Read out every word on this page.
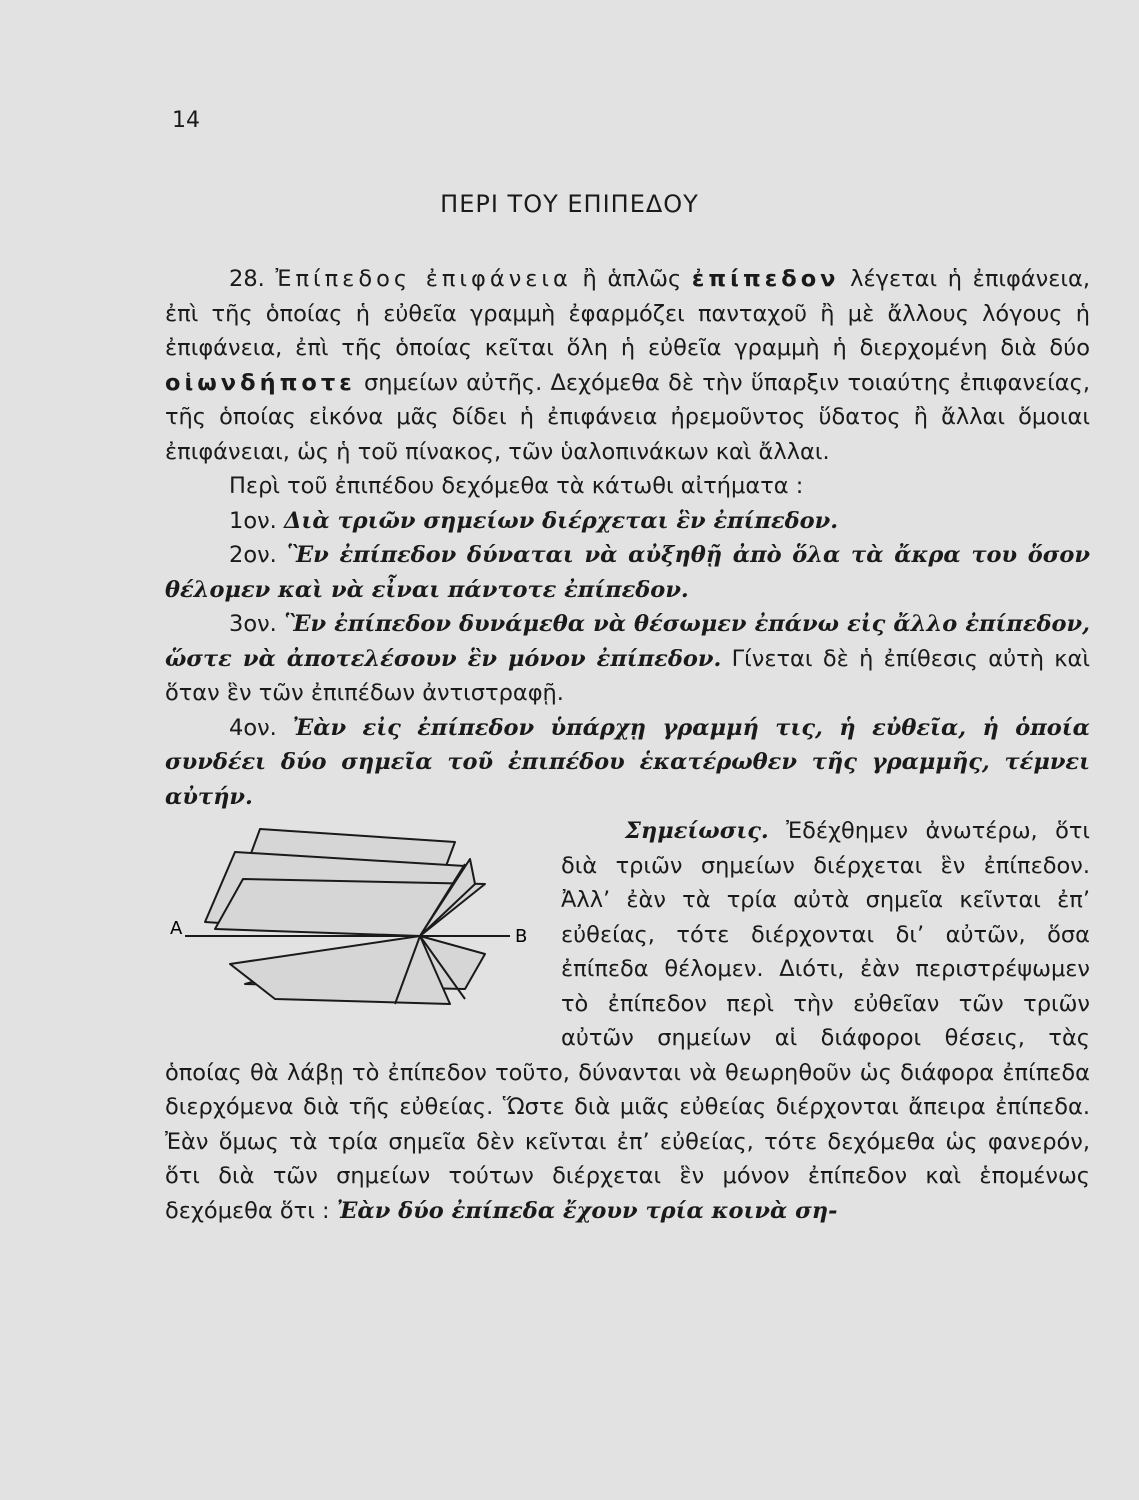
14
ΠΕΡΙ ΤΟΥ ΕΠΙΠΕΔΟΥ

28. Ἐπίπεδος ἐπιφάνεια ἢ ἁπλῶς ἐπίπεδον λέγεται ἡ ἐπιφάνεια, ἐπὶ τῆς ὁποίας ἡ εὐθεῖα γραμμὴ ἐφαρμόζει πανταχοῦ ἢ μὲ ἄλλους λόγους ἡ ἐπιφάνεια, ἐπὶ τῆς ὁποίας κεῖται ὅλη ἡ εὐθεῖα γραμμὴ ἡ διερχομένη διὰ δύο οἱωνδήποτε σημείων αὐτῆς. Δεχόμεθα δὲ τὴν ὕπαρξιν τοιαύτης ἐπιφανείας, τῆς ὁποίας εἰκόνα μᾶς δίδει ἡ ἐπιφάνεια ἠρεμοῦντος ὕδατος ἢ ἄλλαι ὅμοιαι ἐπιφάνειαι, ὡς ἡ τοῦ πίνακος, τῶν ὑαλοπινάκων καὶ ἄλλαι.

Περὶ τοῦ ἐπιπέδου δεχόμεθα τὰ κάτωθι αἰτήματα :

1ον. Διὰ τριῶν σημείων διέρχεται ἓν ἐπίπεδον.

2ον. Ἓν ἐπίπεδον δύναται νὰ αὐξηθῇ ἀπὸ ὅλα τὰ ἄκρα του ὅσον θέλομεν καὶ νὰ εἶναι πάντοτε ἐπίπεδον.

3ον. Ἓν ἐπίπεδον δυνάμεθα νὰ θέσωμεν ἐπάνω εἰς ἄλλο ἐπίπεδον, ὥστε νὰ ἀποτελέσουν ἓν μόνον ἐπίπεδον. Γίνεται δὲ ἡ ἐπίθεσις αὐτὴ καὶ ὅταν ἓν τῶν ἐπιπέδων ἀντιστραφῇ.

4ον. Ἐὰν εἰς ἐπίπεδον ὑπάρχῃ γραμμή τις, ἡ εὐθεῖα, ἡ ὁποία συνδέει δύο σημεῖα τοῦ ἐπιπέδου ἑκατέρωθεν τῆς γραμμῆς, τέμνει αὐτήν.

A	B
Σημείωσις. Ἐδέχθημεν ἀνωτέρω, ὅτι διὰ τριῶν σημείων διέρχεται ἓν ἐπίπεδον. Ἀλλ’ ἐὰν τὰ τρία αὐτὰ σημεῖα κεῖνται ἐπ’ εὐθείας, τότε διέρχονται δι’ αὐτῶν, ὅσα ἐπίπεδα θέλομεν. Διότι, ἐὰν περιστρέψωμεν τὸ ἐπίπεδον περὶ τὴν εὐθεῖαν τῶν τριῶν αὐτῶν σημείων αἱ διάφοροι θέσεις, τὰς ὁποίας θὰ λάβῃ τὸ ἐπίπεδον τοῦτο, δύνανται νὰ θεωρηθοῦν ὡς διάφορα ἐπίπεδα διερχόμενα διὰ τῆς εὐθείας. Ὥστε διὰ μιᾶς εὐθείας διέρχονται ἄπειρα ἐπίπεδα. Ἐὰν ὅμως τὰ τρία σημεῖα δὲν κεῖνται ἐπ’ εὐθείας, τότε δεχόμεθα ὡς φανερόν, ὅτι διὰ τῶν σημείων τούτων διέρχεται ἓν μόνον ἐπίπεδον καὶ ἑπομένως δεχόμεθα ὅτι : Ἐὰν δύο ἐπίπεδα ἔχουν τρία κοινὰ ση-
